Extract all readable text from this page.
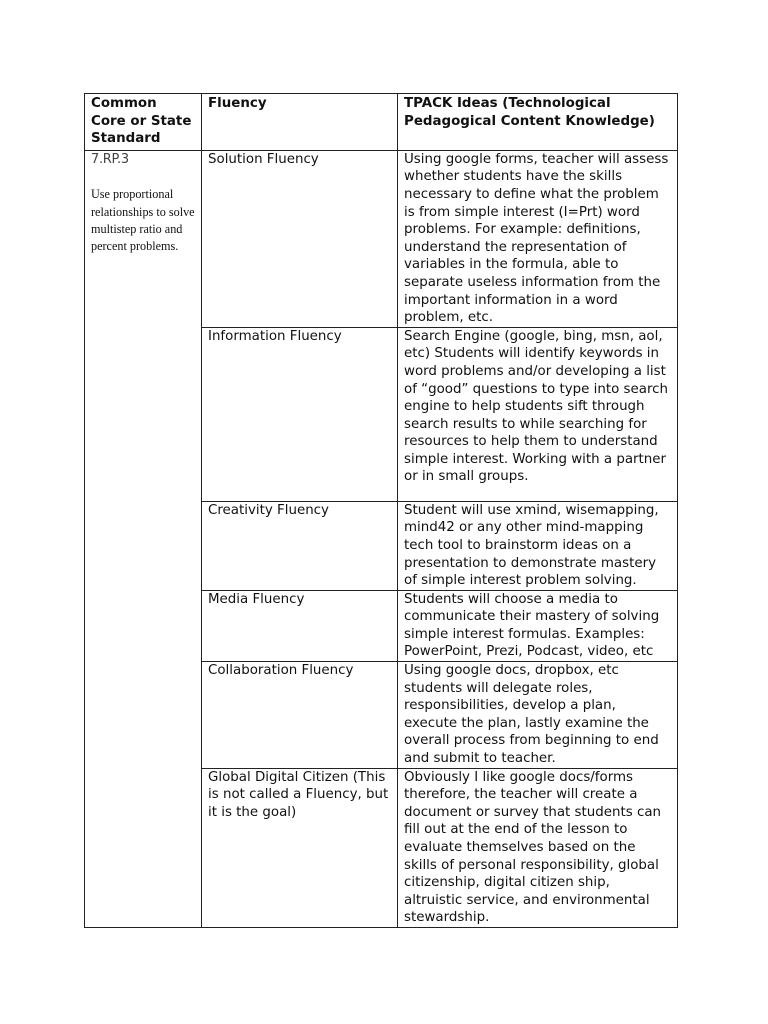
Common Core or State Standard	Fluency	TPACK Ideas (Technological Pedagogical Content Knowledge)

7.RP.3
Use proportional relationships to solve multistep ratio and percent problems.	Solution Fluency	Using google forms, teacher will assess whether students have the skills necessary to define what the problem is from simple interest (I=Prt) word problems. For example: definitions, understand the representation of variables in the formula, able to separate useless information from the important information in a word problem, etc.
	Information Fluency	Search Engine (google, bing, msn, aol, etc) Students will identify keywords in word problems and/or developing a list of “good” questions to type into search engine to help students sift through search results to while searching for resources to help them to understand simple interest. Working with a partner or in small groups.
	Creativity Fluency	Student will use xmind, wisemapping, mind42 or any other mind-mapping tech tool to brainstorm ideas on a presentation to demonstrate mastery of simple interest problem solving.
	Media Fluency	Students will choose a media to communicate their mastery of solving simple interest formulas. Examples: PowerPoint, Prezi, Podcast, video, etc
	Collaboration Fluency	Using google docs, dropbox, etc students will delegate roles, responsibilities, develop a plan, execute the plan, lastly examine the overall process from beginning to end and submit to teacher.
	Global Digital Citizen (This is not called a Fluency, but it is the goal)	Obviously I like google docs/forms therefore, the teacher will create a document or survey that students can fill out at the end of the lesson to evaluate themselves based on the skills of personal responsibility, global citizenship, digital citizen ship, altruistic service, and environmental stewardship.
